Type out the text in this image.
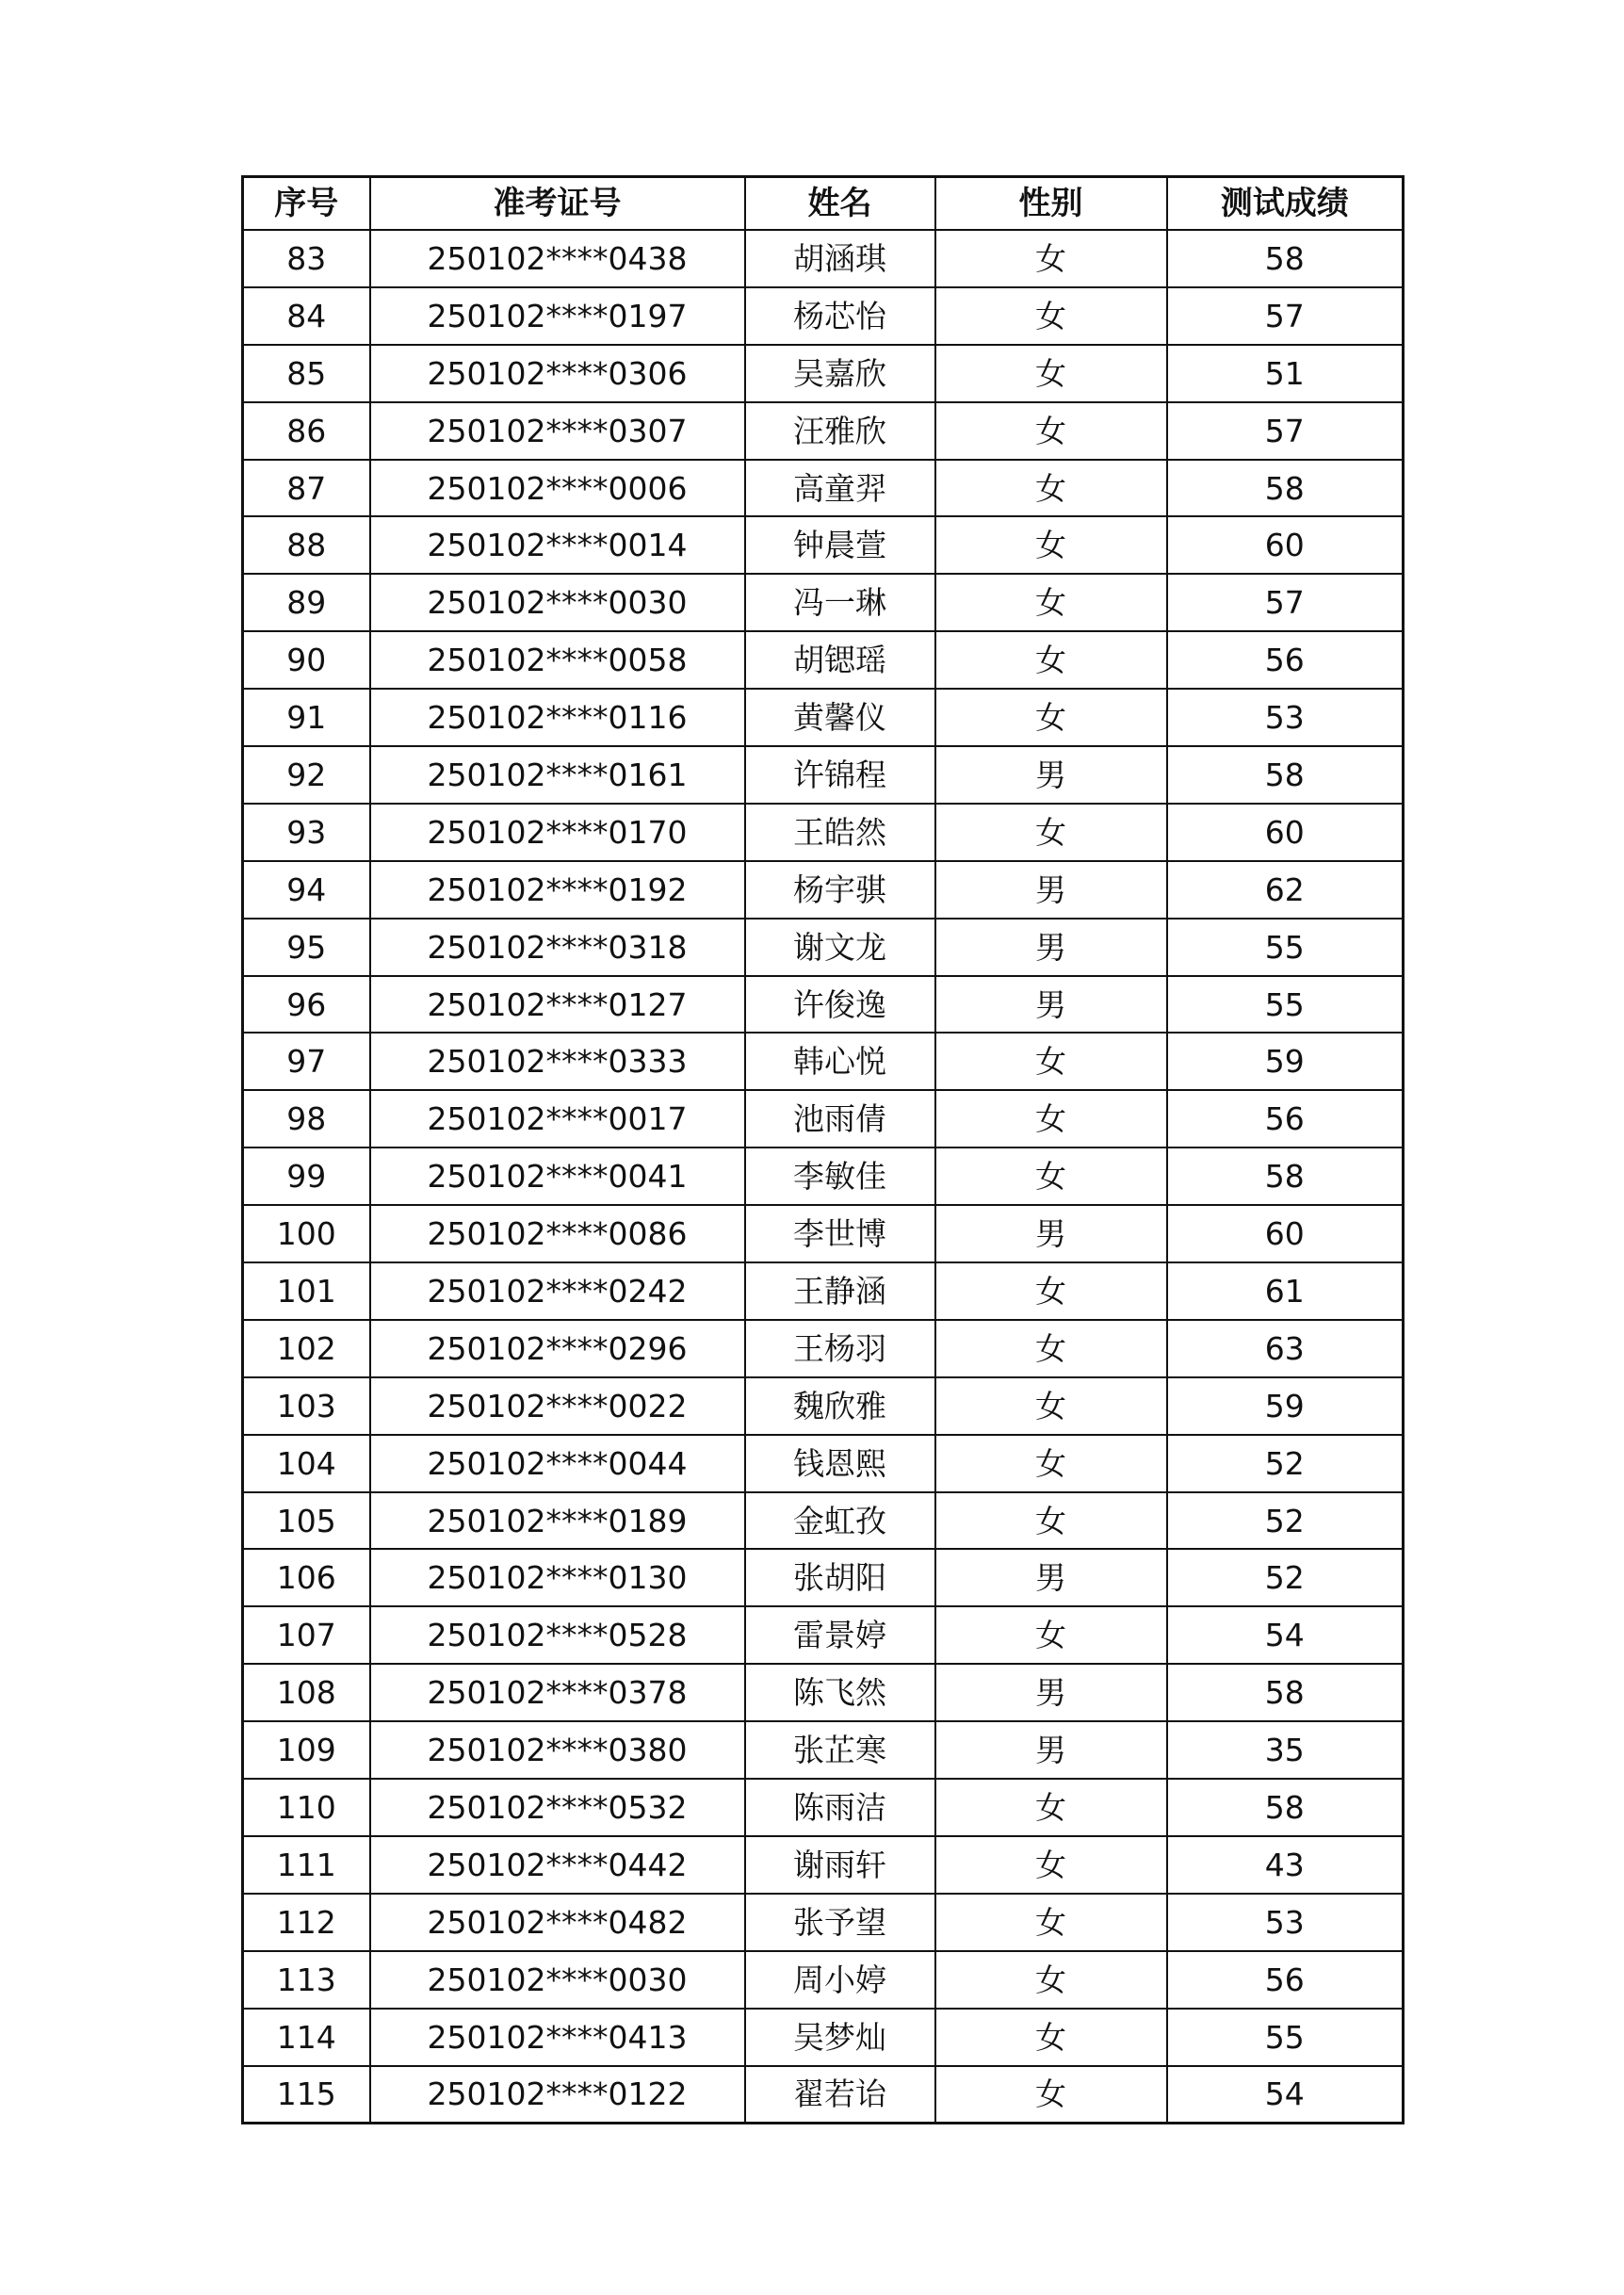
序号	准考证号	姓名	性别	测试成绩
83	250102****0438	胡涵琪	女	58
84	250102****0197	杨芯怡	女	57
85	250102****0306	吴嘉欣	女	51
86	250102****0307	汪雅欣	女	57
87	250102****0006	高童羿	女	58
88	250102****0014	钟晨萱	女	60
89	250102****0030	冯一琳	女	57
90	250102****0058	胡锶瑶	女	56
91	250102****0116	黄馨仪	女	53
92	250102****0161	许锦程	男	58
93	250102****0170	王皓然	女	60
94	250102****0192	杨宇骐	男	62
95	250102****0318	谢文龙	男	55
96	250102****0127	许俊逸	男	55
97	250102****0333	韩心悦	女	59
98	250102****0017	池雨倩	女	56
99	250102****0041	李敏佳	女	58
100	250102****0086	李世博	男	60
101	250102****0242	王静涵	女	61
102	250102****0296	王杨羽	女	63
103	250102****0022	魏欣雅	女	59
104	250102****0044	钱恩熙	女	52
105	250102****0189	金虹孜	女	52
106	250102****0130	张胡阳	男	52
107	250102****0528	雷景婷	女	54
108	250102****0378	陈飞然	男	58
109	250102****0380	张芷寒	男	35
110	250102****0532	陈雨洁	女	58
111	250102****0442	谢雨轩	女	43
112	250102****0482	张予望	女	53
113	250102****0030	周小婷	女	56
114	250102****0413	吴梦灿	女	55
115	250102****0122	翟若诒	女	54
